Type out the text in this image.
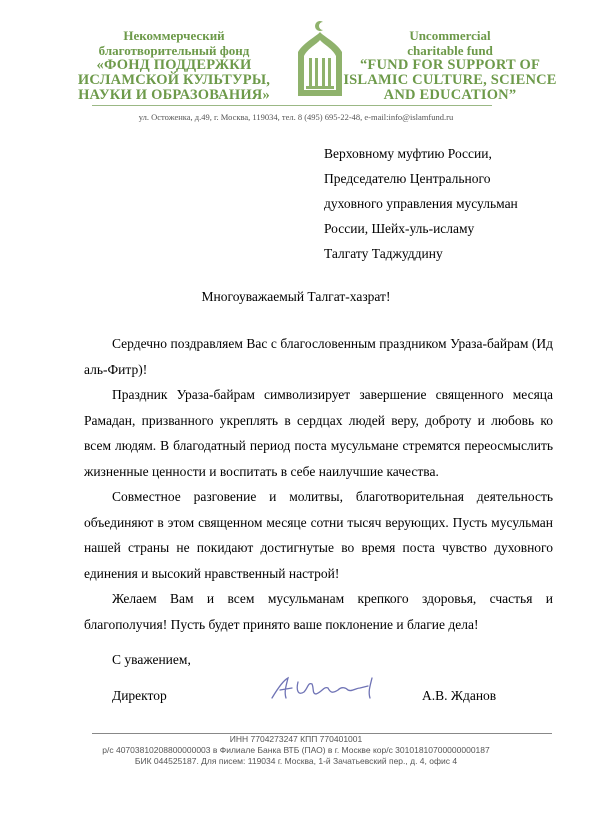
Некоммерческий
благотворительный фонд
«ФОНД ПОДДЕРЖКИ
ИСЛАМСКОЙ КУЛЬТУРЫ,
НАУКИ И ОБРАЗОВАНИЯ»
Uncommercial
charitable fund
“FUND FOR SUPPORT OF
ISLAMIC CULTURE, SCIENCE
AND EDUCATION”
ул. Остоженка, д.49, г. Москва, 119034, тел. 8 (495) 695-22-48, e-mail:info@islamfund.ru
Верховному муфтию России,
Председателю Центрального
духовного управления мусульман
России, Шейх-уль-исламу
Талгату Таджуддину
Многоуважаемый Талгат-хазрат!

Сердечно поздравляем Вас с благословенным праздником Ураза-байрам (Ид аль-Фитр)!

Праздник Ураза-байрам символизирует завершение священного месяца Рамадан, призванного укреплять в сердцах людей веру, доброту и любовь ко всем людям. В благодатный период поста мусульмане стремятся переосмыслить жизненные ценности и воспитать в себе наилучшие качества.

Совместное разговение и молитвы, благотворительная деятельность объединяют в этом священном месяце сотни тысяч верующих. Пусть мусульман нашей страны не покидают достигнутые во время поста чувство духовного единения и высокий нравственный настрой!

Желаем Вам и всем мусульманам крепкого здоровья, счастья и благополучия! Пусть будет принято ваше поклонение и благие дела!

С уважением,
Директор	А.В. Жданов
ИНН 7704273247 КПП 770401001
р/с 40703810208800000003 в Филиале Банка ВТБ (ПАО) в г. Москве кор/с 30101810700000000187
БИК 044525187. Для писем: 119034 г. Москва, 1-й Зачатьевский пер., д. 4, офис 4
